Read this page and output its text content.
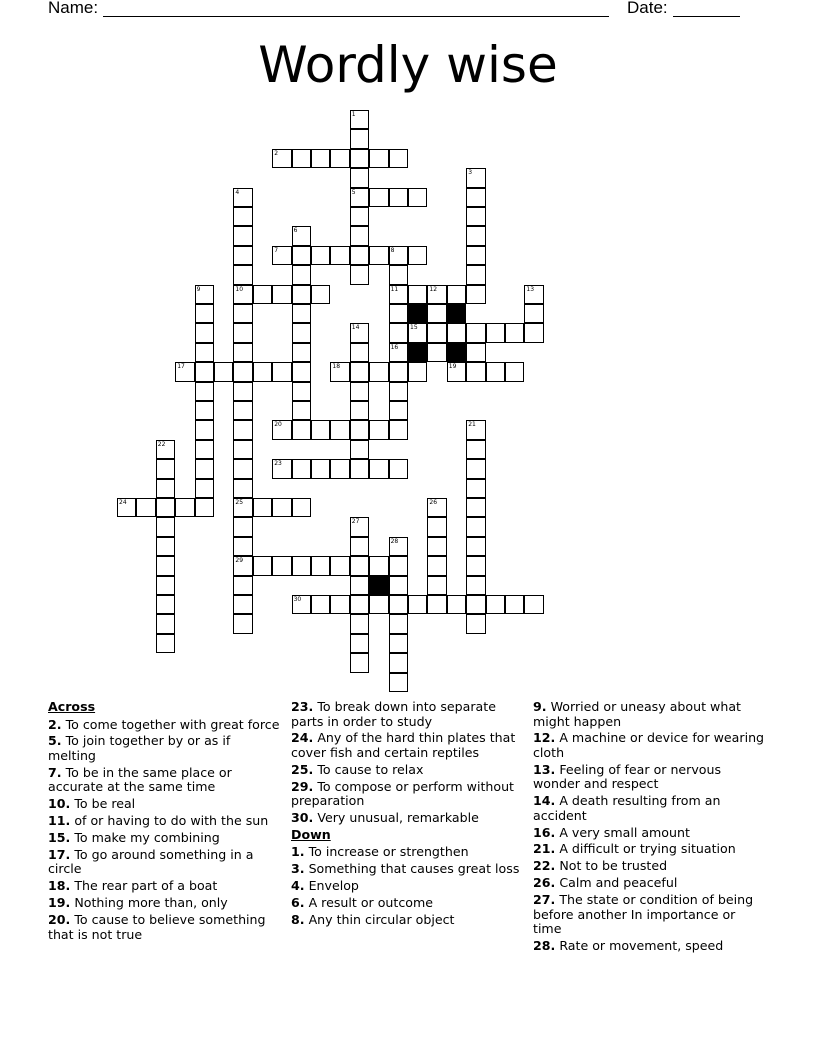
Name:	Date:
Wordly wise
1
5
2
3
4
10
25
29
6
7	8
11
16
9	12	13
14	15
17	18	19
20	21
22
23
24	26
27
28
30
Across
2. To come together with great force
5. To join together by or as if melting
7. To be in the same place or accurate at the same time
10. To be real
11. of or having to do with the sun
15. To make my combining
17. To go around something in a circle
18. The rear part of a boat
19. Nothing more than, only
20. To cause to believe something that is not true
23. To break down into separate parts in order to study
24. Any of the hard thin plates that cover fish and certain reptiles
25. To cause to relax
29. To compose or perform without preparation
30. Very unusual, remarkable
Down
1. To increase or strengthen
3. Something that causes great loss
4. Envelop
6. A result or outcome
8. Any thin circular object
9. Worried or uneasy about what might happen
12. A machine or device for wearing cloth
13. Feeling of fear or nervous wonder and respect
14. A death resulting from an accident
16. A very small amount
21. A difficult or trying situation
22. Not to be trusted
26. Calm and peaceful
27. The state or condition of being before another In importance or time
28. Rate or movement, speed
